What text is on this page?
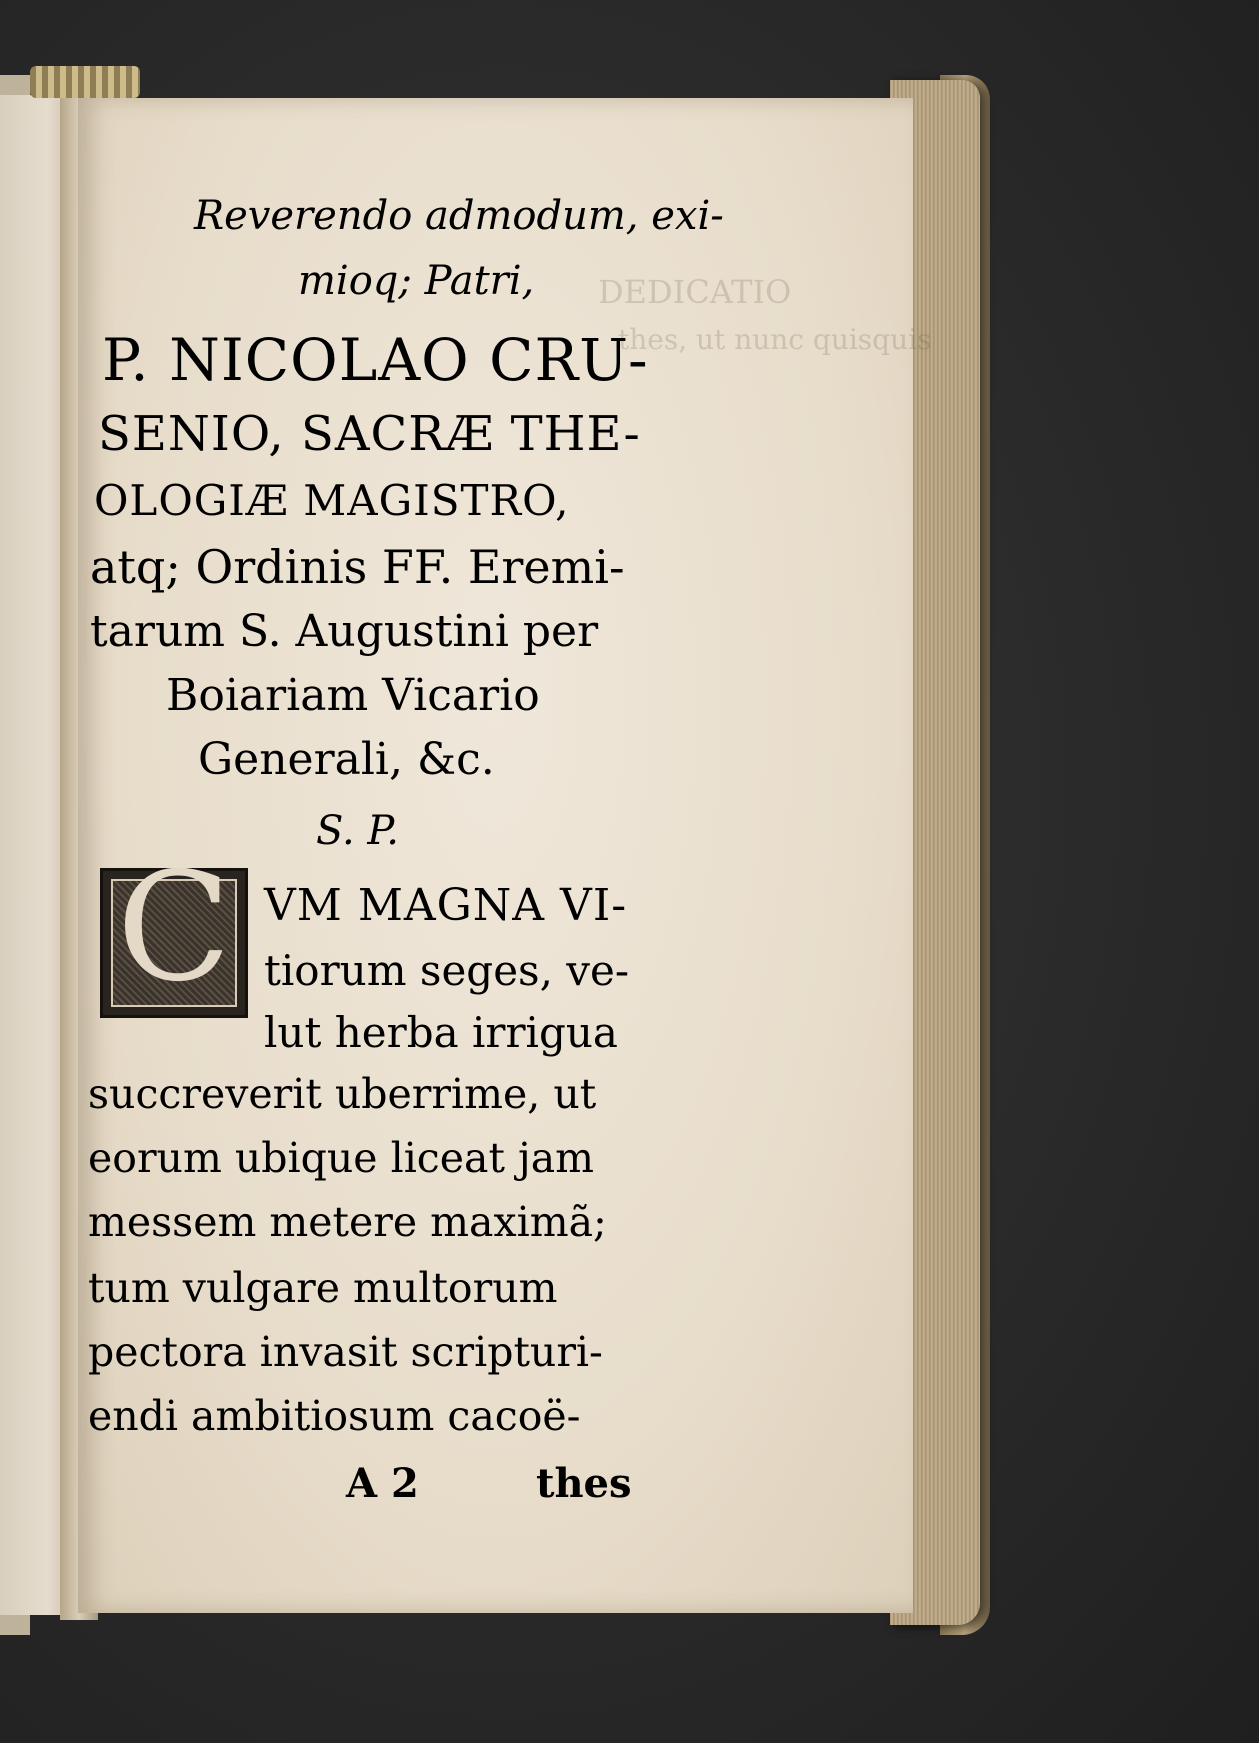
DEDICATIO
thes, ut nunc quisquis
Reverendo admodum, exi-
mioq; Patri,
P. NICOLAO CRU-
SENIO, SACRÆ THE-
OLOGIÆ MAGISTRO,
atq; Ordinis FF. Eremi-
tarum S. Augustini per
Boiariam Vicario
Generali, &c.
S. P.
VM MAGNA VI-
tiorum seges, ve-
lut herba irrigua
succreverit uberrime, ut
eorum ubique liceat jam
messem metere maximã;
tum vulgare multorum
pectora invasit scripturi-
endi ambitiosum cacoë-
A 2	thes
C
